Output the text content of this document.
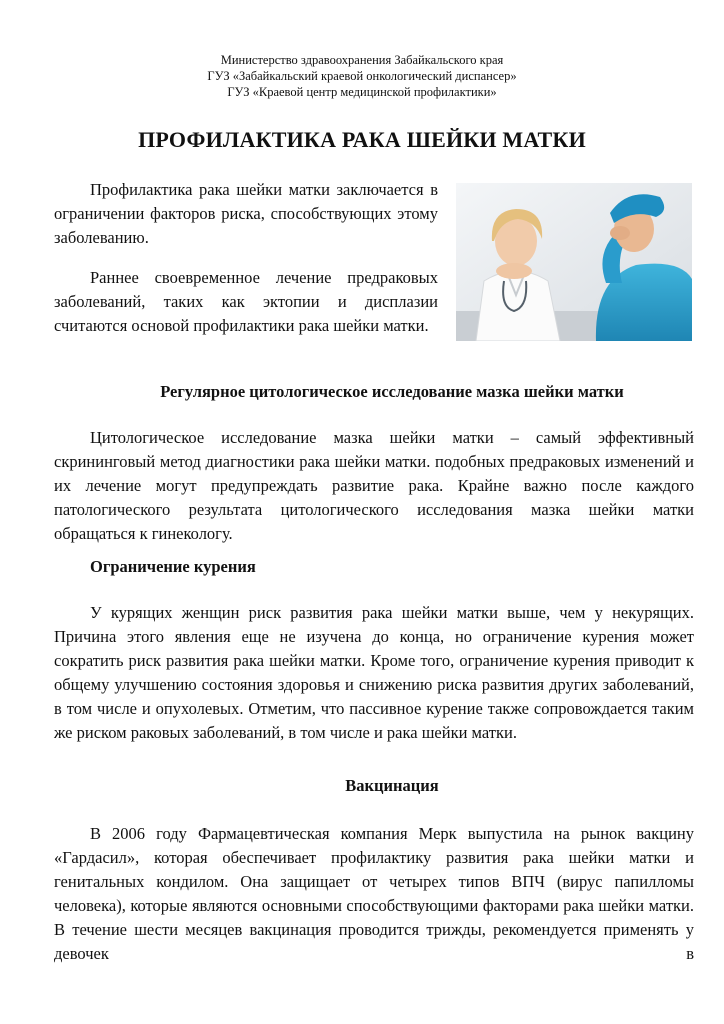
Министерство здравоохранения Забайкальского края
ГУЗ «Забайкальский краевой онкологический диспансер»
ГУЗ «Краевой центр медицинской профилактики»
ПРОФИЛАКТИКА РАКА ШЕЙКИ МАТКИ

Профилактика рака шейки матки заключается в ограничении факторов риска, способствующих этому заболеванию.

Раннее своевременное лечение предраковых заболеваний, таких как эктопии и дисплазии считаются основой профилактики рака шейки матки.

Регулярное цитологическое исследование мазка шейки матки

Цитологическое исследование мазка шейки матки – самый эффективный скрининговый метод диагностики рака шейки матки. подобных предраковых изменений и их лечение могут предупреждать развитие рака. Крайне важно после каждого патологического результата цитологического исследования мазка шейки матки обращаться к гинекологу.

Ограничение курения

У курящих женщин риск развития рака шейки матки выше, чем у некурящих. Причина этого явления еще не изучена до конца, но ограничение курения может сократить риск развития рака шейки матки. Кроме того, ограничение курения приводит к общему улучшению состояния здоровья и снижению риска развития других заболеваний, в том числе и опухолевых. Отметим, что пассивное курение также сопровождается таким же риском раковых заболеваний, в том числе и рака шейки матки.

Вакцинация

В 2006 году Фармацевтическая компания Мерк выпустила на рынок вакцину «Гардасил», которая обеспечивает профилактику развития рака шейки матки и генитальных кондилом. Она защищает от четырех типов ВПЧ (вирус папилломы человека), которые являются основными способствующими факторами рака шейки матки. В течение шести месяцев вакцинация проводится трижды, рекомендуется применять у девочек в
